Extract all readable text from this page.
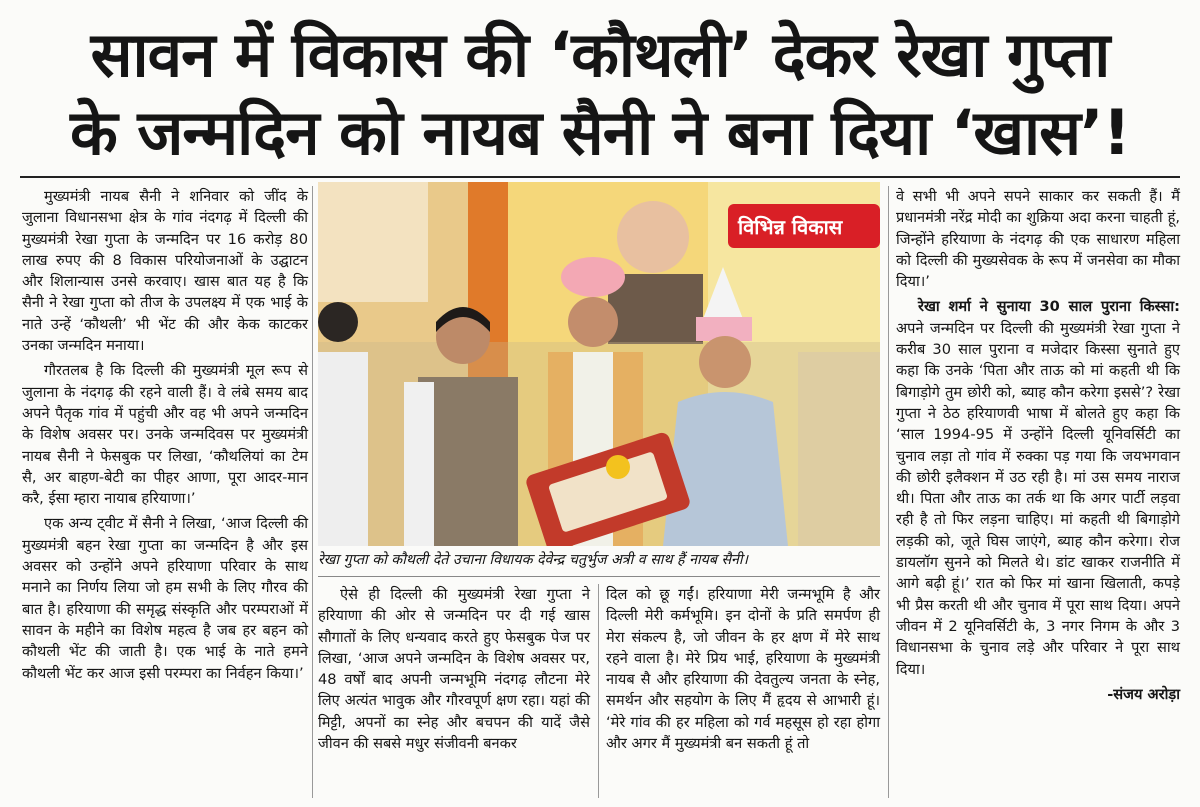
सावन में विकास की ‘कौथली’ देकर रेखा गुप्ता
के जन्मदिन को नायब सैनी ने बना दिया ‘खास’!

मुख्यमंत्री नायब सैनी ने शनिवार को जींद के जुलाना विधानसभा क्षेत्र के गांव नंदगढ़ में दिल्ली की मुख्यमंत्री रेखा गुप्ता के जन्मदिन पर 16 करोड़ 80 लाख रुपए की 8 विकास परियोजनाओं के उद्घाटन और शिलान्यास उनसे करवाए। खास बात यह है कि सैनी ने रेखा गुप्ता को तीज के उपलक्ष्य में एक भाई के नाते उन्हें ‘कौथली’ भी भेंट की और केक काटकर उनका जन्मदिन मनाया।

गौरतलब है कि दिल्ली की मुख्यमंत्री मूल रूप से जुलाना के नंदगढ़ की रहने वाली हैं। वे लंबे समय बाद अपने पैतृक गांव में पहुंची और वह भी अपने जन्मदिन के विशेष अवसर पर। उनके जन्मदिवस पर मुख्यमंत्री नायब सैनी ने फेसबुक पर लिखा, ‘कौथलियां का टेम सै, अर बाहण-बेटी का पीहर आणा, पूरा आदर-मान करै, ईसा म्हारा नायाब हरियाणा।’

एक अन्य ट्वीट में सैनी ने लिखा, ‘आज दिल्ली की मुख्यमंत्री बहन रेखा गुप्ता का जन्मदिन है और इस अवसर को उन्होंने अपने हरियाणा परिवार के साथ मनाने का निर्णय लिया जो हम सभी के लिए गौरव की बात है। हरियाणा की समृद्ध संस्कृति और परम्पराओं में सावन के महीने का विशेष महत्व है जब हर बहन को कौथली भेंट की जाती है। एक भाई के नाते हमने कौथली भेंट कर आज इसी परम्परा का निर्वहन किया।’

विभिन्न विकास
रेखा गुप्ता को कौथली देते उचाना विधायक देवेन्द्र चतुर्भुज अत्री व साथ हैं नायब सैनी।

ऐसे ही दिल्ली की मुख्यमंत्री रेखा गुप्ता ने हरियाणा की ओर से जन्मदिन पर दी गई खास सौगातों के लिए धन्यवाद करते हुए फेसबुक पेज पर लिखा, ‘आज अपने जन्मदिन के विशेष अवसर पर, 48 वर्षों बाद अपनी जन्मभूमि नंदगढ़ लौटना मेरे लिए अत्यंत भावुक और गौरवपूर्ण क्षण रहा। यहां की मिट्टी, अपनों का स्नेह और बचपन की यादें जैसे जीवन की सबसे मधुर संजीवनी बनकर

दिल को छू गईं। हरियाणा मेरी जन्मभूमि है और दिल्ली मेरी कर्मभूमि। इन दोनों के प्रति समर्पण ही मेरा संकल्प है, जो जीवन के हर क्षण में मेरे साथ रहने वाला है। मेरे प्रिय भाई, हरियाणा के मुख्यमंत्री नायब सै और हरियाणा की देवतुल्य जनता के स्नेह, समर्थन और सहयोग के लिए मैं हृदय से आभारी हूं। ‘मेरे गांव की हर महिला को गर्व महसूस हो रहा होगा और अगर मैं मुख्यमंत्री बन सकती हूं तो

वे सभी भी अपने सपने साकार कर सकती हैं। मैं प्रधानमंत्री नरेंद्र मोदी का शुक्रिया अदा करना चाहती हूं, जिन्होंने हरियाणा के नंदगढ़ की एक साधारण महिला को दिल्ली की मुख्यसेवक के रूप में जनसेवा का मौका दिया।’

रेखा शर्मा ने सुनाया 30 साल पुराना किस्सा: अपने जन्मदिन पर दिल्ली की मुख्यमंत्री रेखा गुप्ता ने करीब 30 साल पुराना व मजेदार किस्सा सुनाते हुए कहा कि उनके ‘पिता और ताऊ को मां कहती थी कि बिगाड़ोगे तुम छोरी को, ब्याह कौन करेगा इससे’? रेखा गुप्ता ने ठेठ हरियाणवी भाषा में बोलते हुए कहा कि ‘साल 1994-95 में उन्होंने दिल्ली यूनिवर्सिटी का चुनाव लड़ा तो गांव में रुक्का पड़ गया कि जयभगवान की छोरी इलैक्शन में उठ रही है। मां उस समय नाराज थी। पिता और ताऊ का तर्क था कि अगर पार्टी लड़वा रही है तो फिर लड़ना चाहिए। मां कहती थी बिगाड़ोगे लड़की को, जूते घिस जाएंगे, ब्याह कौन करेगा। रोज डायलॉग सुनने को मिलते थे। डांट खाकर राजनीति में आगे बढ़ी हूं।’ रात को फिर मां खाना खिलाती, कपड़े भी प्रैस करती थी और चुनाव में पूरा साथ दिया। अपने जीवन में 2 यूनिवर्सिटी के, 3 नगर निगम के और 3 विधानसभा के चुनाव लड़े और परिवार ने पूरा साथ दिया।

-संजय अरोड़ा
